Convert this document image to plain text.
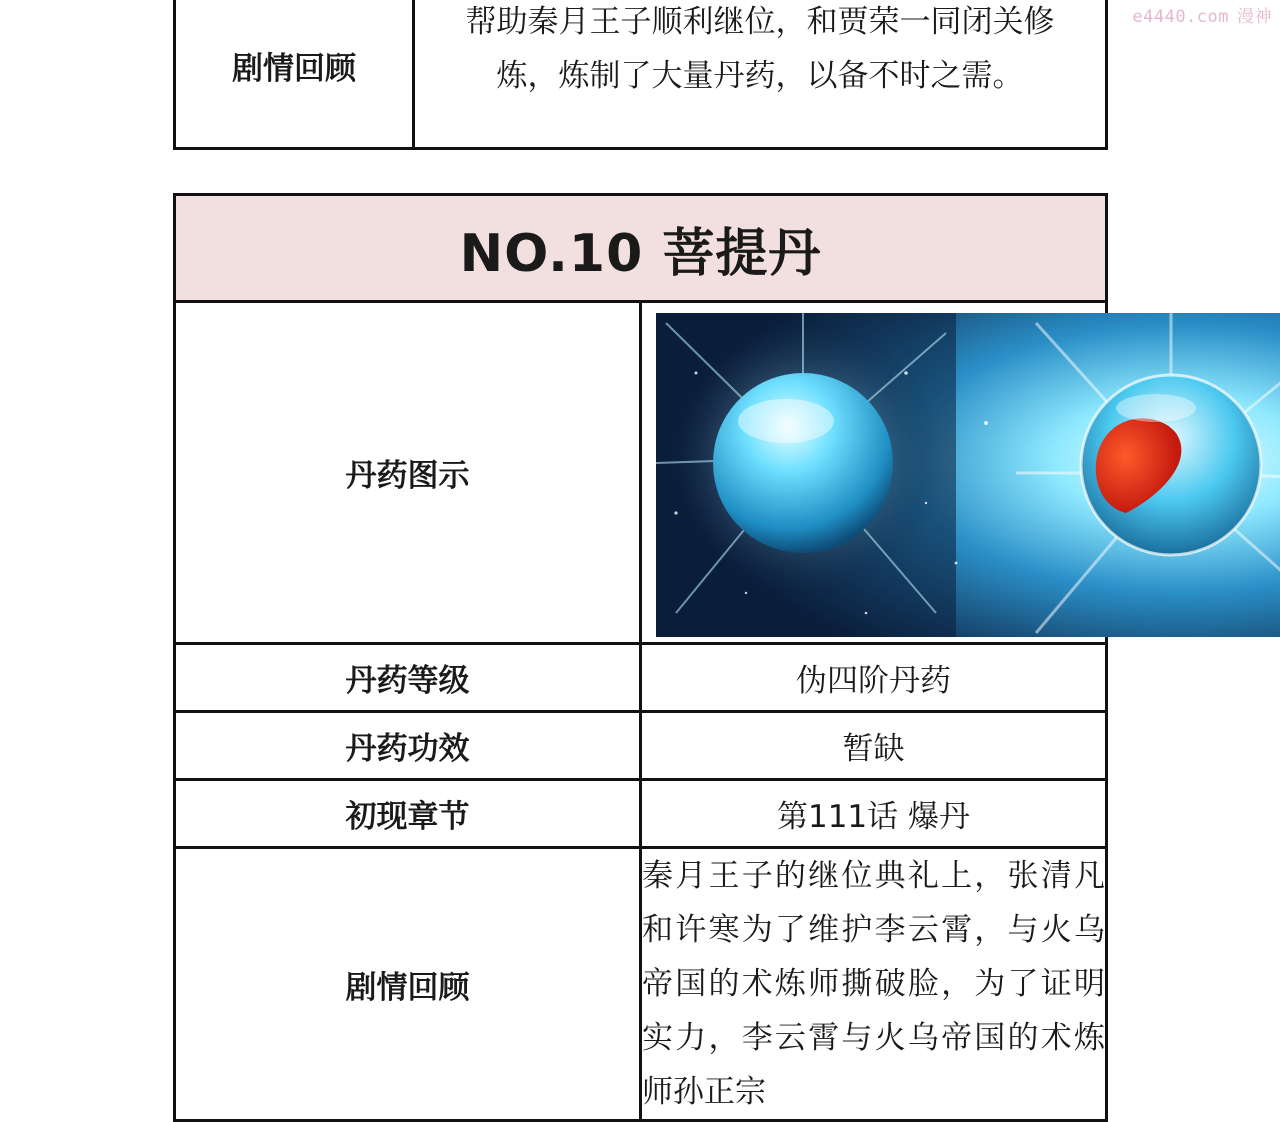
e4440.com 漫神
剧情回顾	帮助秦月王子顺利继位，和贾荣一同闭关修炼，炼制了大量丹药，以备不时之需。
NO.10 菩提丹	
丹药图示	

丹药等级	伪四阶丹药
丹药功效	暂缺
初现章节	第111话 爆丹
剧情回顾	秦月王子的继位典礼上，张清凡和许寒为了维护李云霄，与火乌帝国的术炼师撕破脸，为了证明实力，李云霄与火乌帝国的术炼师孙正宗
